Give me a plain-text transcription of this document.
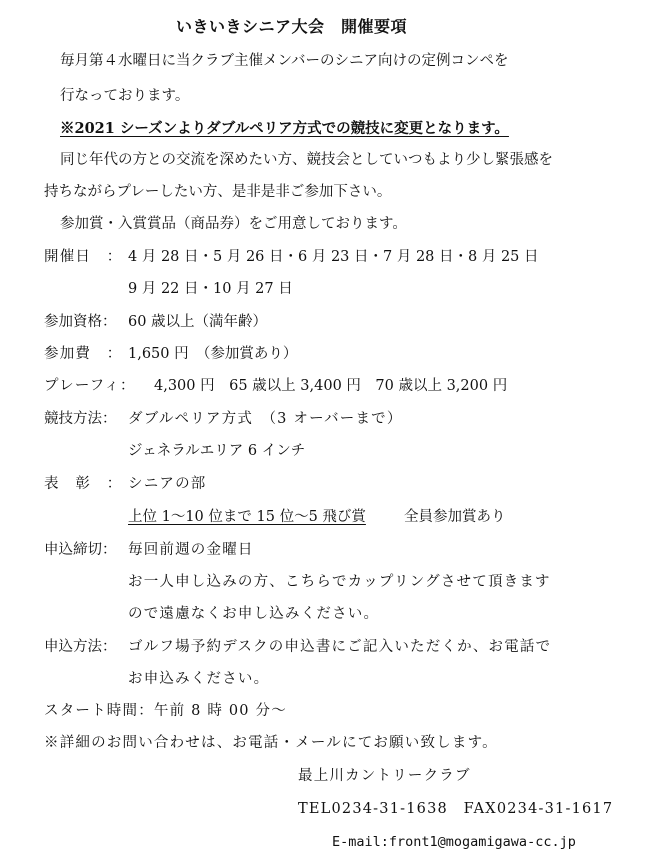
いきいきシニア大会　開催要項
毎月第４水曜日に当クラブ主催メンバーのシニア向けの定例コンペを
行なっております。
※2021 シーズンよりダブルペリア方式での競技に変更となります。
同じ年代の方との交流を深めたい方、競技会としていつもより少し緊張感を
持ちながらプレーしたい方、是非是非ご参加下さい。
参加賞・入賞賞品（商品券）をご用意しております。
開催日　： 4 月 28 日・5 月 26 日・6 月 23 日・7 月 28 日・8 月 25 日
9 月 22 日・10 月 27 日
参加資格： 60 歳以上（満年齢）
参加費　： 1,650 円　（参加賞あり）
プレーフィ： 4,300 円　65 歳以上 3,400 円　70 歳以上 3,200 円
競技方法： ダブルペリア方式　（3 オーバーまで）
ジェネラルエリア 6 インチ
表　彰　： シニアの部
上位 1～10 位まで 15 位～5 飛び賞	全員参加賞あり
申込締切： 毎回前週の金曜日
お一人申し込みの方、こちらでカップリングさせて頂きます
ので遠慮なくお申し込みください。
申込方法： ゴルフ場予約デスクの申込書にご記入いただくか、お電話で
お申込みください。
スタート時間：午前 8 時 00 分～
※詳細のお問い合わせは、お電話・メールにてお願い致します。
最上川カントリークラブ
TEL0234-31-1638　FAX0234-31-1617
E-mail:front1@mogamigawa-cc.jp
